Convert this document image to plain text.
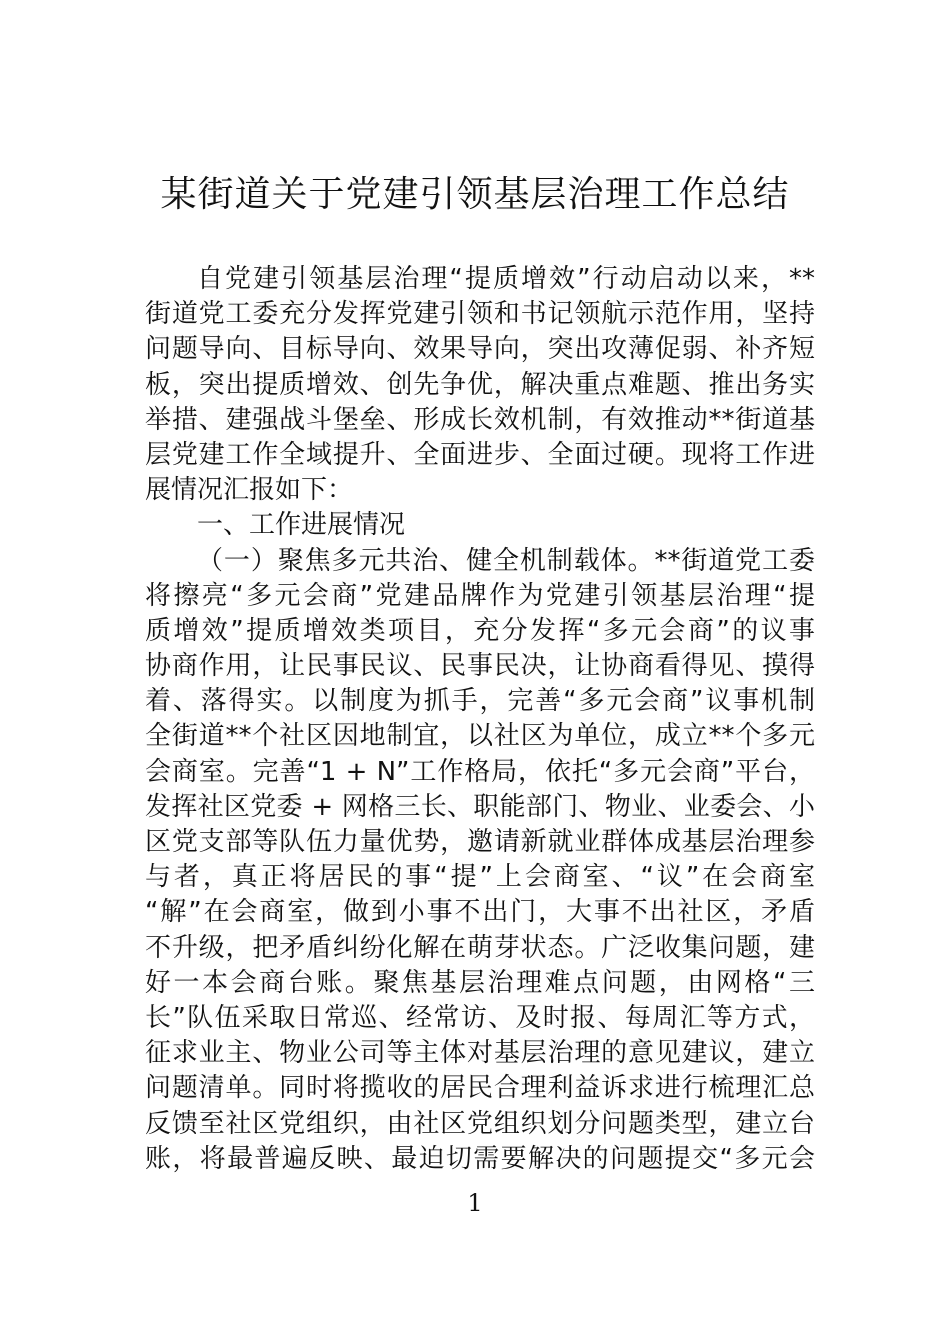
某街道关于党建引领基层治理工作总结
自党建引领基层治理“提质增效”行动启动以来，**
街道党工委充分发挥党建引领和书记领航示范作用，坚持
问题导向、目标导向、效果导向，突出攻薄促弱、补齐短
板，突出提质增效、创先争优，解决重点难题、推出务实
举措、建强战斗堡垒、形成长效机制，有效推动**街道基
层党建工作全域提升、全面进步、全面过硬。现将工作进
展情况汇报如下：
一、工作进展情况
（一）聚焦多元共治、健全机制载体。**街道党工委
将擦亮“多元会商”党建品牌作为党建引领基层治理“提
质增效”提质增效类项目，充分发挥“多元会商”的议事
协商作用，让民事民议、民事民决，让协商看得见、摸得
着、落得实。以制度为抓手，完善“多元会商”议事机制
全街道**个社区因地制宜，以社区为单位，成立**个多元
会商室。完善“1 + N”工作格局，依托“多元会商”平台，
发挥社区党委 + 网格三长、职能部门、物业、业委会、小
区党支部等队伍力量优势，邀请新就业群体成基层治理参
与者，真正将居民的事“提”上会商室、“议”在会商室
“解”在会商室，做到小事不出门，大事不出社区，矛盾
不升级，把矛盾纠纷化解在萌芽状态。广泛收集问题，建
好一本会商台账。聚焦基层治理难点问题，由网格“三
长”队伍采取日常巡、经常访、及时报、每周汇等方式，
征求业主、物业公司等主体对基层治理的意见建议，建立
问题清单。同时将揽收的居民合理利益诉求进行梳理汇总
反馈至社区党组织，由社区党组织划分问题类型，建立台
账，将最普遍反映、最迫切需要解决的问题提交“多元会
1
